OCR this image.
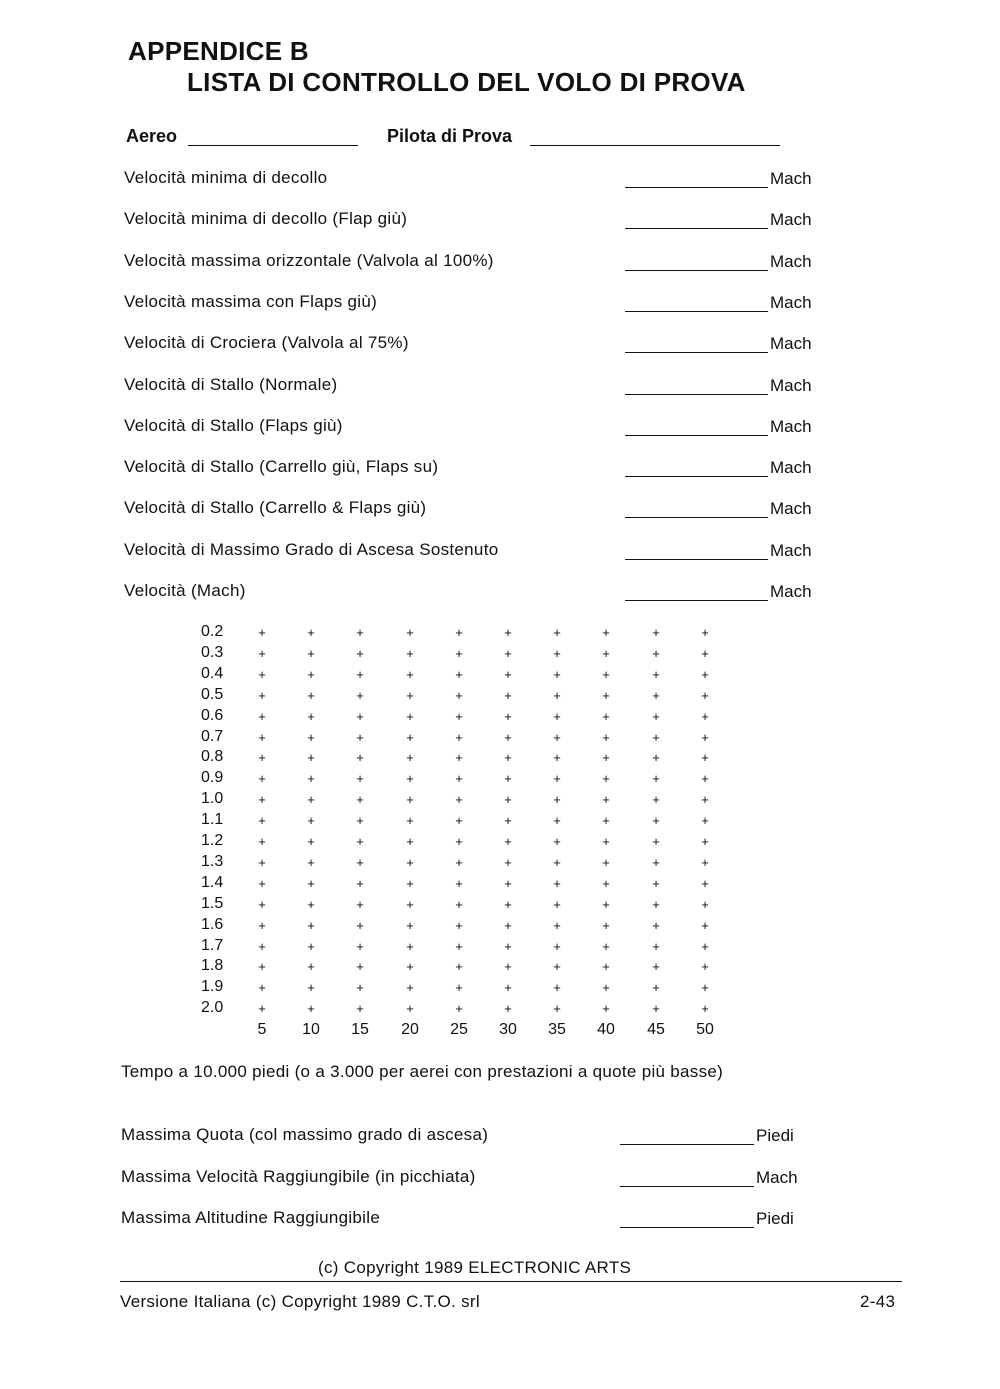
APPENDICE B
LISTA DI CONTROLLO DEL VOLO DI PROVA
Aereo	Pilota di Prova
Velocità minima di decollo	Mach
Velocità minima di decollo (Flap giù)	Mach
Velocità massima orizzontale (Valvola al 100%)	Mach
Velocità massima con Flaps giù)	Mach
Velocità di Crociera (Valvola al 75%)	Mach
Velocità di Stallo (Normale)	Mach
Velocità di Stallo (Flaps giù)	Mach
Velocità di Stallo (Carrello giù, Flaps su)	Mach
Velocità di Stallo (Carrello & Flaps giù)	Mach
Velocità di Massimo Grado di Ascesa Sostenuto	Mach
Velocità (Mach)	Mach
0.2	+	+	+	+	+	+	+	+	+	+
0.3	+	+	+	+	+	+	+	+	+	+
0.4	+	+	+	+	+	+	+	+	+	+
0.5	+	+	+	+	+	+	+	+	+	+
0.6	+	+	+	+	+	+	+	+	+	+
0.7	+	+	+	+	+	+	+	+	+	+
0.8	+	+	+	+	+	+	+	+	+	+
0.9	+	+	+	+	+	+	+	+	+	+
1.0	+	+	+	+	+	+	+	+	+	+
1.1	+	+	+	+	+	+	+	+	+	+
1.2	+	+	+	+	+	+	+	+	+	+
1.3	+	+	+	+	+	+	+	+	+	+
1.4	+	+	+	+	+	+	+	+	+	+
1.5	+	+	+	+	+	+	+	+	+	+
1.6	+	+	+	+	+	+	+	+	+	+
1.7	+	+	+	+	+	+	+	+	+	+
1.8	+	+	+	+	+	+	+	+	+	+
1.9	+	+	+	+	+	+	+	+	+	+
2.0	+	+	+	+	+	+	+	+	+	+
5	10	15	20	25	30	35	40	45	50
Tempo a 10.000 piedi (o a 3.000 per aerei con prestazioni a quote più basse)
Massima Quota (col massimo grado di ascesa)	Piedi
Massima Velocità Raggiungibile (in picchiata)	Mach
Massima Altitudine Raggiungibile	Piedi
(c) Copyright 1989 ELECTRONIC ARTS
Versione Italiana (c) Copyright 1989 C.T.O. srl	2-43
